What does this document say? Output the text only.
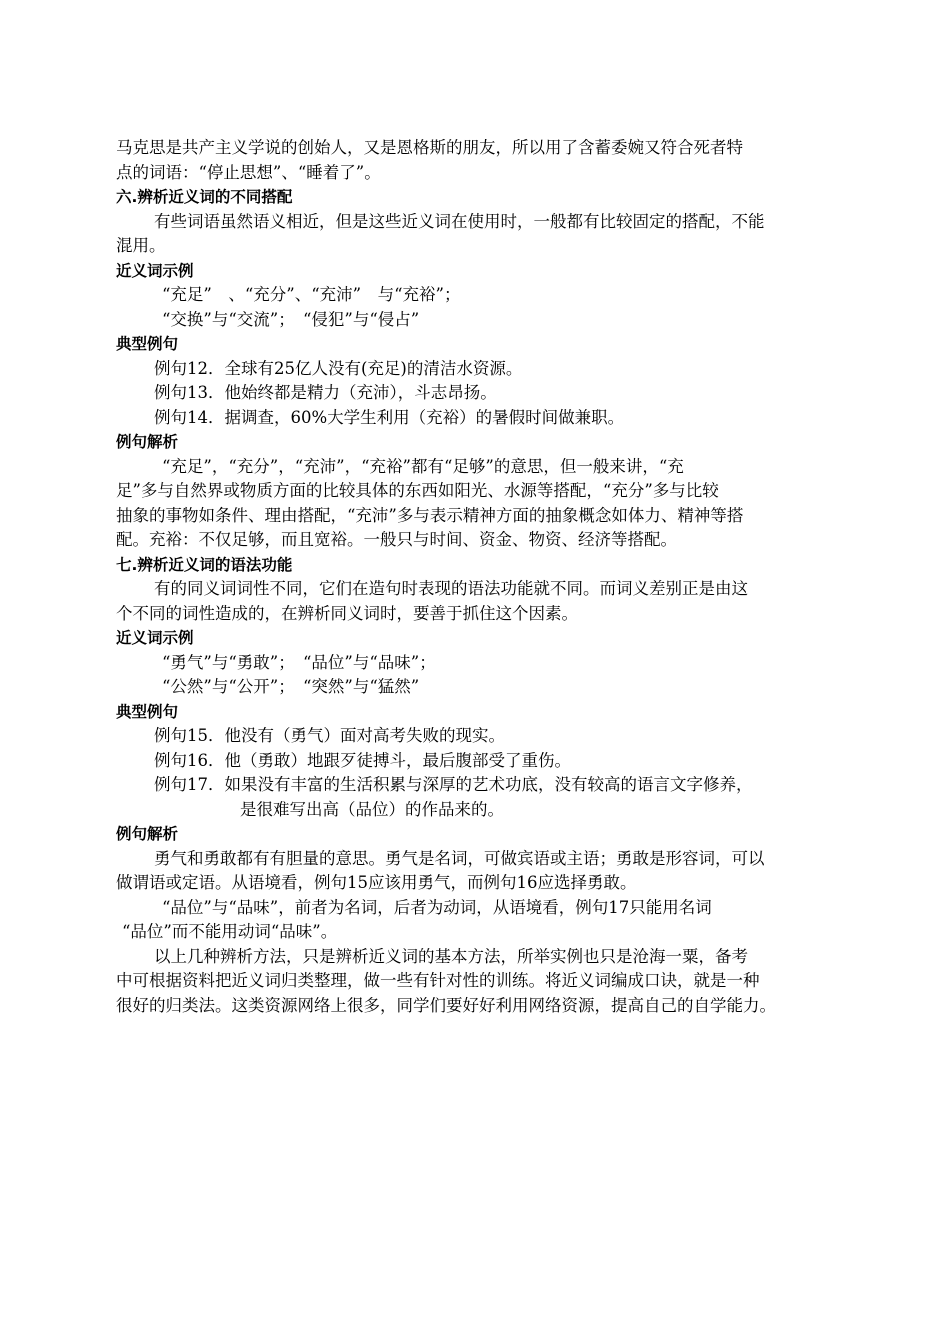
马克思是共产主义学说的创始人，又是恩格斯的朋友，所以用了含蓄委婉又符合死者特
点的词语：“停止思想”、“睡着了”。
六.辨析近义词的不同搭配
有些词语虽然语义相近，但是这些近义词在使用时，一般都有比较固定的搭配，不能
混用。
近义词示例
“充足”　、“充分”、“充沛”　与“充裕”；
“交换”与“交流”；　“侵犯”与“侵占”
典型例句
例句12．全球有25亿人没有(充足)的清洁水资源。
例句13．他始终都是精力（充沛），斗志昂扬。
例句14．据调查，60%大学生利用（充裕）的暑假时间做兼职。
例句解析
“充足”，“充分”，“充沛”，“充裕”都有“足够”的意思，但一般来讲，“充
足”多与自然界或物质方面的比较具体的东西如阳光、水源等搭配，“充分”多与比较
抽象的事物如条件、理由搭配，“充沛”多与表示精神方面的抽象概念如体力、精神等搭
配。充裕：不仅足够，而且宽裕。一般只与时间、资金、物资、经济等搭配。
七.辨析近义词的语法功能
有的同义词词性不同，它们在造句时表现的语法功能就不同。而词义差别正是由这
个不同的词性造成的，在辨析同义词时，要善于抓住这个因素。
近义词示例
“勇气”与“勇敢”；　“品位”与“品味”；
“公然”与“公开”；　“突然”与“猛然”
典型例句
例句15．他没有（勇气）面对高考失败的现实。
例句16．他（勇敢）地跟歹徒搏斗，最后腹部受了重伤。
例句17．如果没有丰富的生活积累与深厚的艺术功底，没有较高的语言文字修养，
是很难写出高（品位）的作品来的。
例句解析
勇气和勇敢都有有胆量的意思。勇气是名词，可做宾语或主语；勇敢是形容词，可以
做谓语或定语。从语境看，例句15应该用勇气，而例句16应选择勇敢。
“品位”与“品味”，前者为名词，后者为动词，从语境看，例句17只能用名词
“品位”而不能用动词“品味”。
以上几种辨析方法，只是辨析近义词的基本方法，所举实例也只是沧海一粟，备考
中可根据资料把近义词归类整理，做一些有针对性的训练。将近义词编成口诀，就是一种
很好的归类法。这类资源网络上很多，同学们要好好利用网络资源，提高自己的自学能力。
